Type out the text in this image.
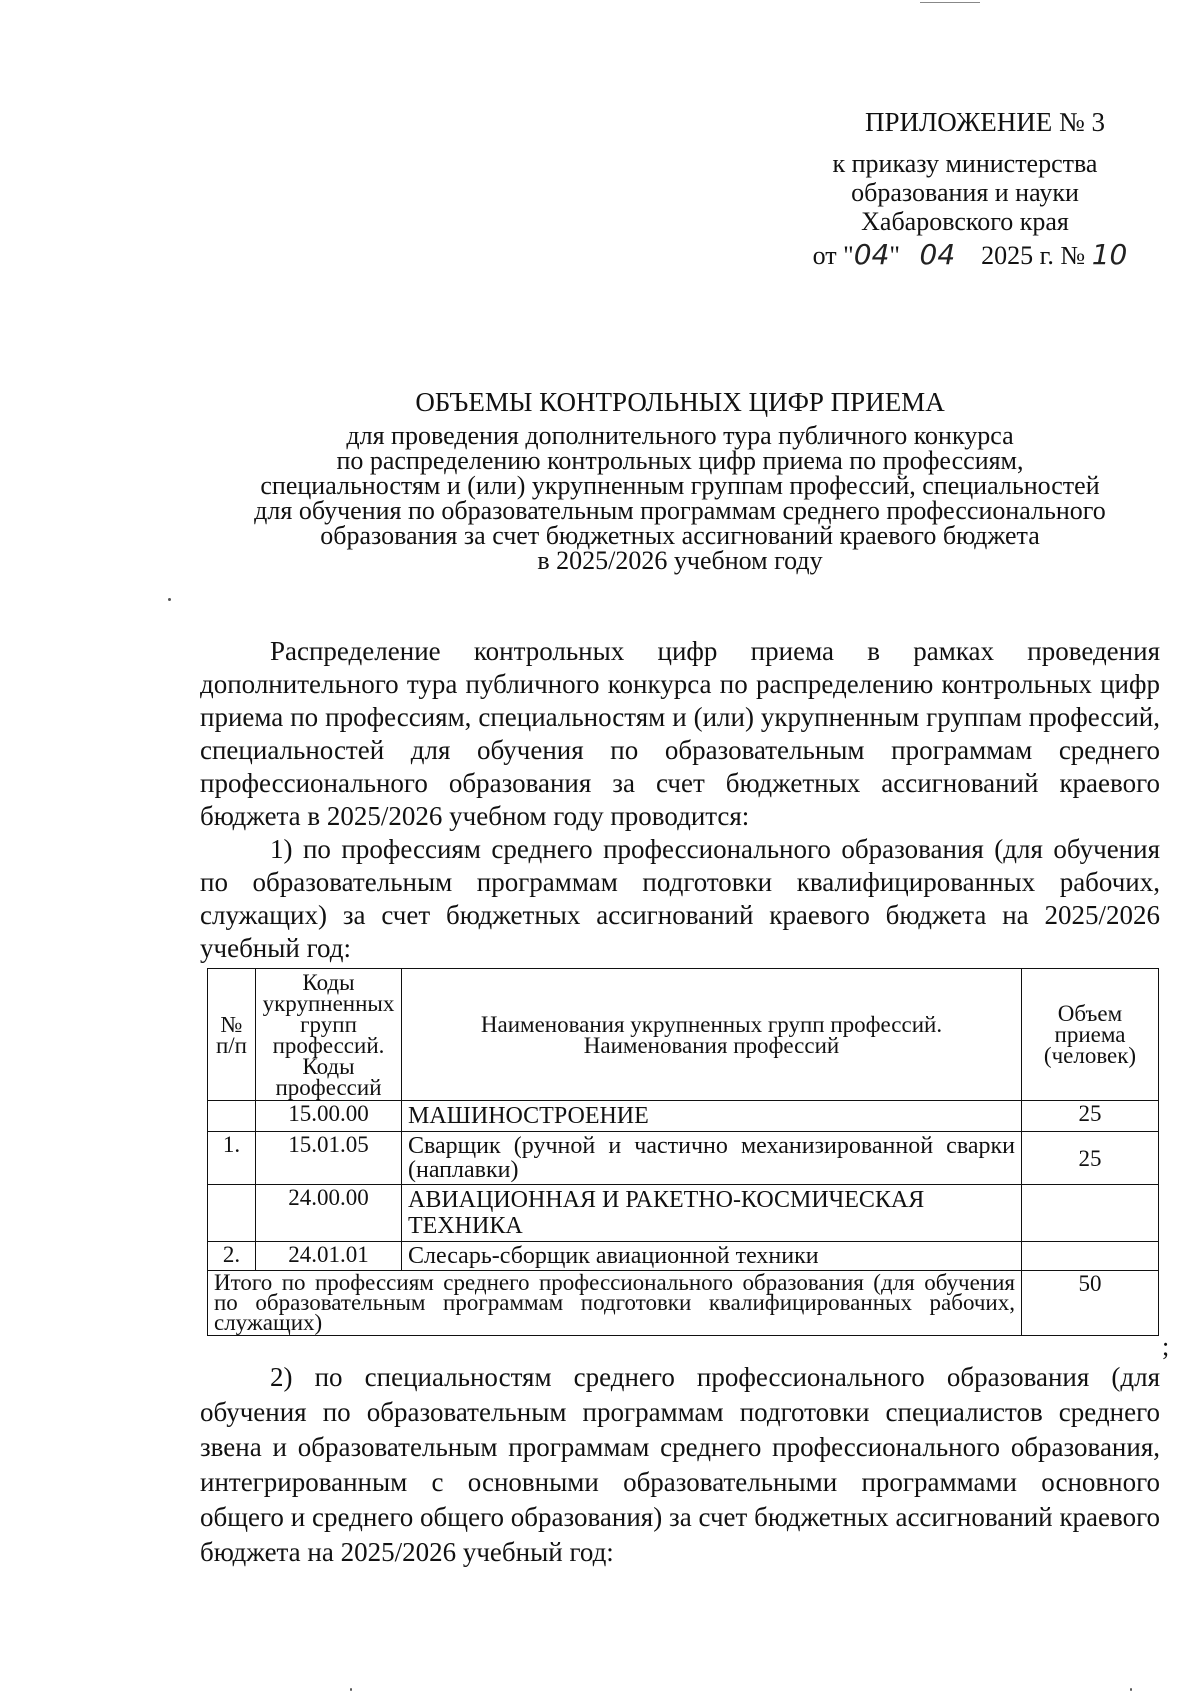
ПРИЛОЖЕНИЕ № 3
к приказу министерства
образования и науки
Хабаровского края
от "04" 04 2025 г. № 10
ОБЪЕМЫ КОНТРОЛЬНЫХ ЦИФР ПРИЕМА
для проведения дополнительного тура публичного конкурса
по распределению контрольных цифр приема по профессиям,
специальностям и (или) укрупненным группам профессий, специальностей
для обучения по образовательным программам среднего профессионального
образования за счет бюджетных ассигнований краевого бюджета
в 2025/2026 учебном году

Распределение контрольных цифр приема в рамках проведения дополнительного тура публичного конкурса по распределению контрольных цифр приема по профессиям, специальностям и (или) укрупненным группам профессий, специальностей для обучения по образовательным программам среднего профессионального образования за счет бюджетных ассигнований краевого бюджета в 2025/2026 учебном году проводится:

1) по профессиям среднего профессионального образования (для обучения по образовательным программам подготовки квалифицированных рабочих, служащих) за счет бюджетных ассигнований краевого бюджета на 2025/2026 учебный год:

№ п/п	Коды укрупненных групп профессий. Коды профессий	Наименования укрупненных групп профессий. Наименования профессий	Объем приема (человек)
	15.00.00	МАШИНОСТРОЕНИЕ	25
1.	15.01.05	Сварщик (ручной и частично механизированной сварки (наплавки)	25
	24.00.00	АВИАЦИОННАЯ И РАКЕТНО-КОСМИЧЕСКАЯ ТЕХНИКА	
2.	24.01.01	Слесарь-сборщик авиационной техники	
Итого по профессиям среднего профессионального образования (для обучения по образовательным программам подготовки квалифицированных рабочих, служащих)			50
;

2) по специальностям среднего профессионального образования (для обучения по образовательным программам подготовки специалистов среднего звена и образовательным программам среднего профессионального образования, интегрированным с основными образовательными программами основного общего и среднего общего образования) за счет бюджетных ассигнований краевого бюджета на 2025/2026 учебный год:
